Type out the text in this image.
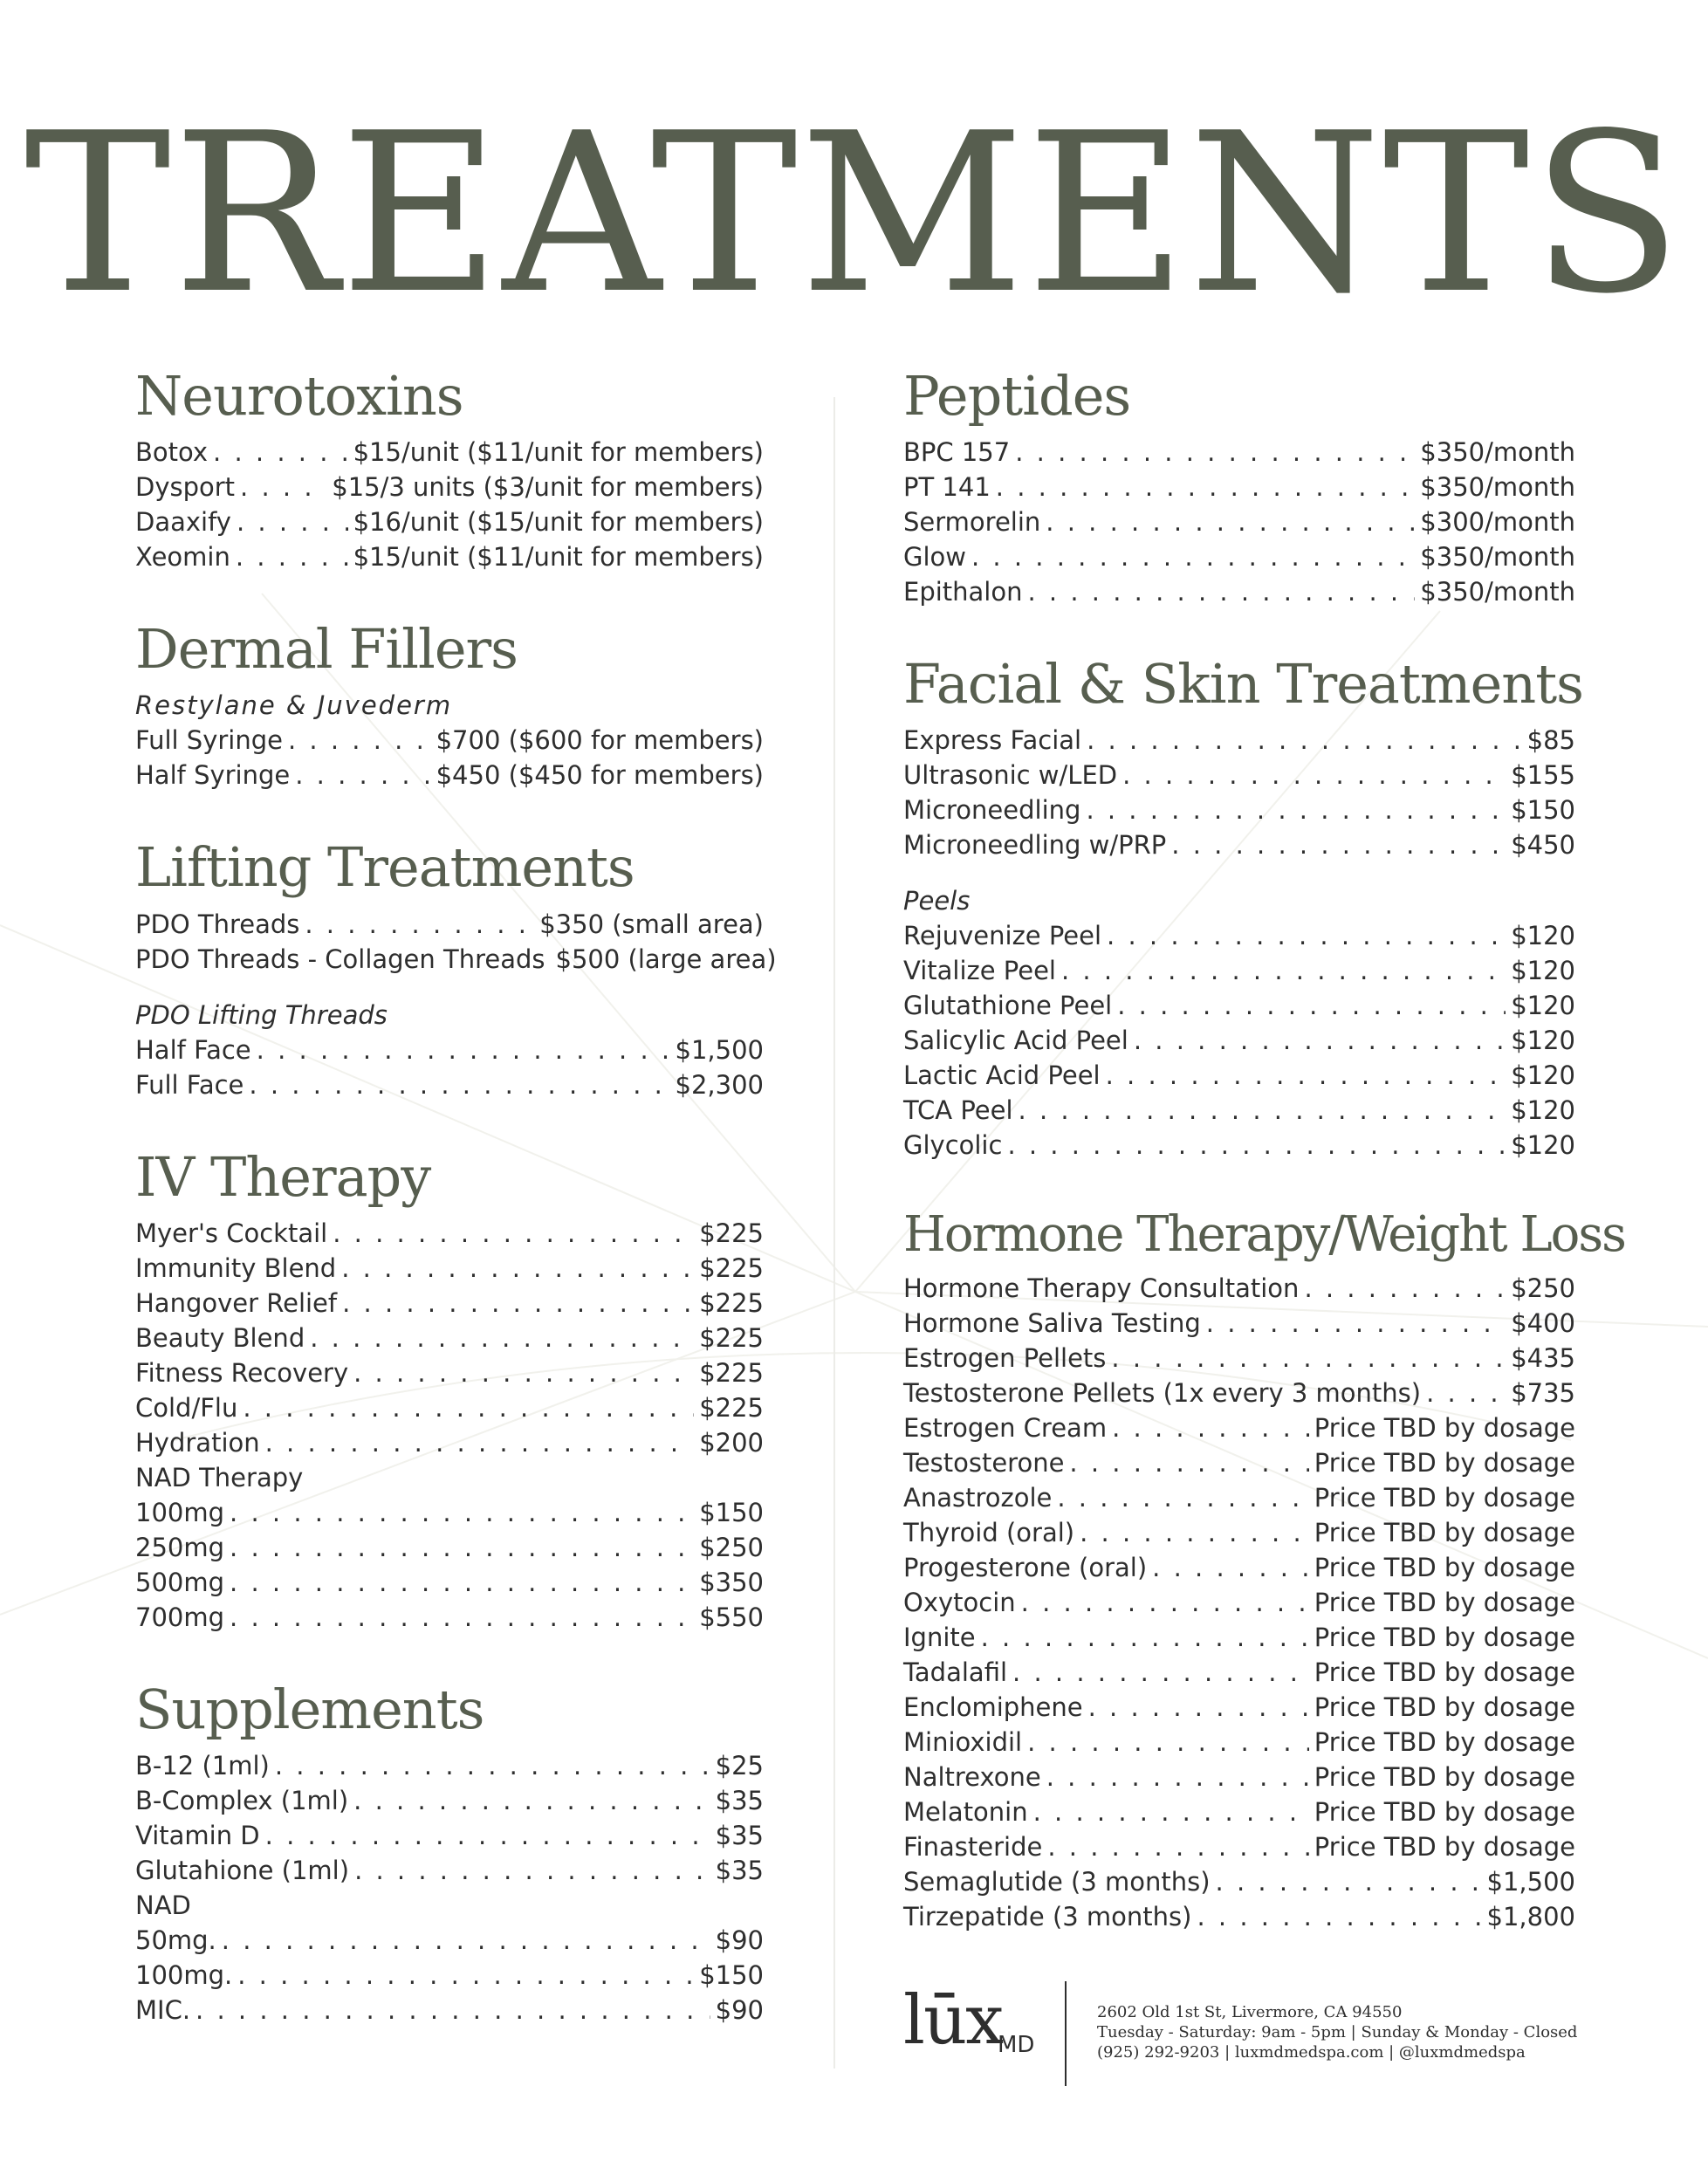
TREATMENTS
Neurotoxins
Botox . . .	$15/unit ($11/unit for members)
Dysport . . .	$15/3 units ($3/unit for members)
Daaxify . . .	$16/unit ($15/unit for members)
Xeomin . . .	$15/unit ($11/unit for members)
Dermal Fillers
Restylane & Juvederm
Full Syringe . . .	$700 ($600 for members)
Half Syringe . . .	$450 ($450 for members)
Lifting Treatments
PDO Threads . . .	$350 (small area)
PDO Threads - Collagen Threads $500 (large area)
PDO Lifting Threads
Half Face . . .	$1,500
Full Face . . .	$2,300
IV Therapy
Myer's Cocktail . . .	$225
Immunity Blend . . .	$225
Hangover Relief . . .	$225
Beauty Blend . . .	$225
Fitness Recovery . . .	$225
Cold/Flu . . .	$225
Hydration . . .	$200
NAD Therapy
100mg . . .	$150
250mg . . .	$250
500mg . . .	$350
700mg . . .	$550
Supplements
B-12 (1ml) . . .	$25
B-Complex (1ml) . . .	$35
Vitamin D . . .	$35
Glutahione (1ml) . . .	$35
NAD
50mg. . . .	$90
100mg. . . .	$150
MIC. . . .	$90
Peptides
BPC 157 . . .	$350/month
PT 141 . . .	$350/month
Sermorelin . . .	$300/month
Glow . . .	$350/month
Epithalon . . .	$350/month
Facial & Skin Treatments
Express Facial . . .	$85
Ultrasonic w/LED . . .	$155
Microneedling . . .	$150
Microneedling w/PRP . . .	$450
Peels
Rejuvenize Peel . . .	$120
Vitalize Peel . . .	$120
Glutathione Peel . . .	$120
Salicylic Acid Peel . . .	$120
Lactic Acid Peel . . .	$120
TCA Peel . . .	$120
Glycolic . . .	$120
Hormone Therapy/Weight Loss
Hormone Therapy Consultation . . .	$250
Hormone Saliva Testing . . .	$400
Estrogen Pellets . . .	$435
Testosterone Pellets (1x every 3 months) . . .	$735
Estrogen Cream . . .	Price TBD by dosage
Testosterone . . .	Price TBD by dosage
Anastrozole . . .	Price TBD by dosage
Thyroid (oral) . . .	Price TBD by dosage
Progesterone (oral) . . .	Price TBD by dosage
Oxytocin . . .	Price TBD by dosage
Ignite . . .	Price TBD by dosage
Tadalafil . . .	Price TBD by dosage
Enclomiphene . . .	Price TBD by dosage
Minioxidil . . .	Price TBD by dosage
Naltrexone . . .	Price TBD by dosage
Melatonin . . .	Price TBD by dosage
Finasteride . . .	Price TBD by dosage
Semaglutide (3 months) . . .	$1,500
Tirzepatide (3 months) . . .	$1,800
lūx
MD
2602 Old 1st St, Livermore, CA 94550
Tuesday - Saturday: 9am - 5pm | Sunday & Monday - Closed
(925) 292-9203 | luxmdmedspa.com | @luxmdmedspa
